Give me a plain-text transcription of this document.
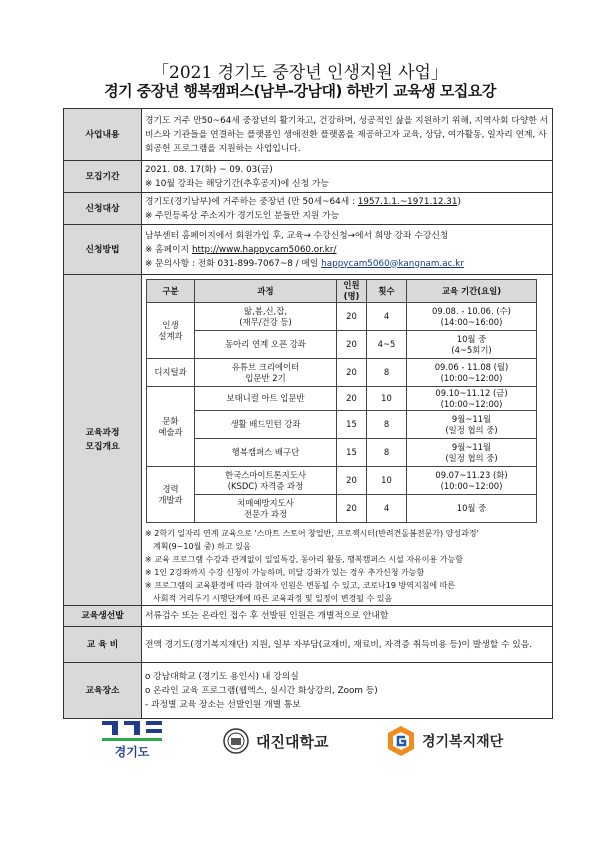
「2021 경기도 중장년 인생지원 사업」
경기 중장년 행복캠퍼스(남부-강남대) 하반기 교육생 모집요강
사업내용
	경기도 거주 만50~64세 중장년의 활기차고, 건강하며, 성공적인 삶을 지원하기 위해, 지역사회 다양한 서비스와 기관들을 연결하는 플랫폼인 생애전환 플랫폼을 제공하고자 교육, 상담, 여가활동, 일자리 연계, 사회공헌 프로그램을 지원하는 사업입니다.

모집기간

2021. 08. 17(화) ~ 09. 03(금)
※ 10월 강좌는 해당기간(추후공지)에 신청 가능

신청대상

경기도(경기남부)에 거주하는 중장년 (만 50세~64세 : 1957.1.1.~1971.12.31)
※ 주민등록상 주소지가 경기도인 분들만 지원 가능

신청방법

남부센터 홈페이지에서 회원가입 후, 교육→ 수강신청→에서 희망 강좌 수강신청
※ 홈페이지 http://www.happycam5060.or.kr/
※ 문의사항 : 전화 031-899-7067~8 / 메일 happycam5060@kangnam.ac.kr

교육과정
모집개요

구분	과정	인원(명)	횟수	교육 기간(요일)
인생
설계과	앎,봄,신,잡,
(재무/건강 등)	20	4	09.08. - 10.06. (수)
(14:00~16:00)
동아리 연계 오픈 강좌	20	4~5	10월 중
(4~5회기)
디지털과	유튜브 크리에이터
입문반 2기	20	8	09.06 - 11.08 (월)
(10:00~12:00)
문화
예술과	보태니컬 아트 입문반	20	10	09.10~11.12 (금)
(10:00~12:00)
생활 배드민턴 강좌	15	8	9월~11월
(일정 협의 중)
행복캠퍼스 배구단	15	8	9월~11월
(일정 협의 중)
경력
개발과	한국스마이트톤지도사
(KSDC) 자격증 과정	20	10	09.07~11.23 (화)
(10:00~12:00)
치매예방지도사
전문가 과정	20	4	10월 중
※ 2학기 일자리 연계 교육으로 '스마트 스토어 창업반, 프로젝시터(반려견돌봄전문가) 양성과정'
계획(9~10월 중) 하고 있음
※ 교육 프로그램 수강과 관계없이 일일특강, 동아리 활동, 행복캠퍼스 시설 자유이용 가능함
※ 1인 2강좌까지 수강 신청이 가능하며, 미달 강좌가 있는 경우 추가신청 가능함
※ 프로그램의 교육환경에 따라 참여자 인원은 변동될 수 있고, 코로나19 방역지침에 따른
사회적 거리두기 시행단계에 따른 교육과정 및 일정이 변경될 수 있음

교육생선발	서류검수 또는 온라인 접수 후 선발된 인원은 개별적으로 안내함

교 육 비	전액 경기도(경기복지재단) 지원, 일부 자부담(교재비, 재료비, 자격증 취득비용 등)이 발생할 수 있음.

교육장소

o 강남대학교 (경기도 용인시) 내 강의실
o 온라인 교육 프로그램(웹엑스, 실시간 화상강의, Zoom 등)
- 과정별 교육 장소는 선발인원 개별 통보
경기도
대진대학교	경기복지재단
